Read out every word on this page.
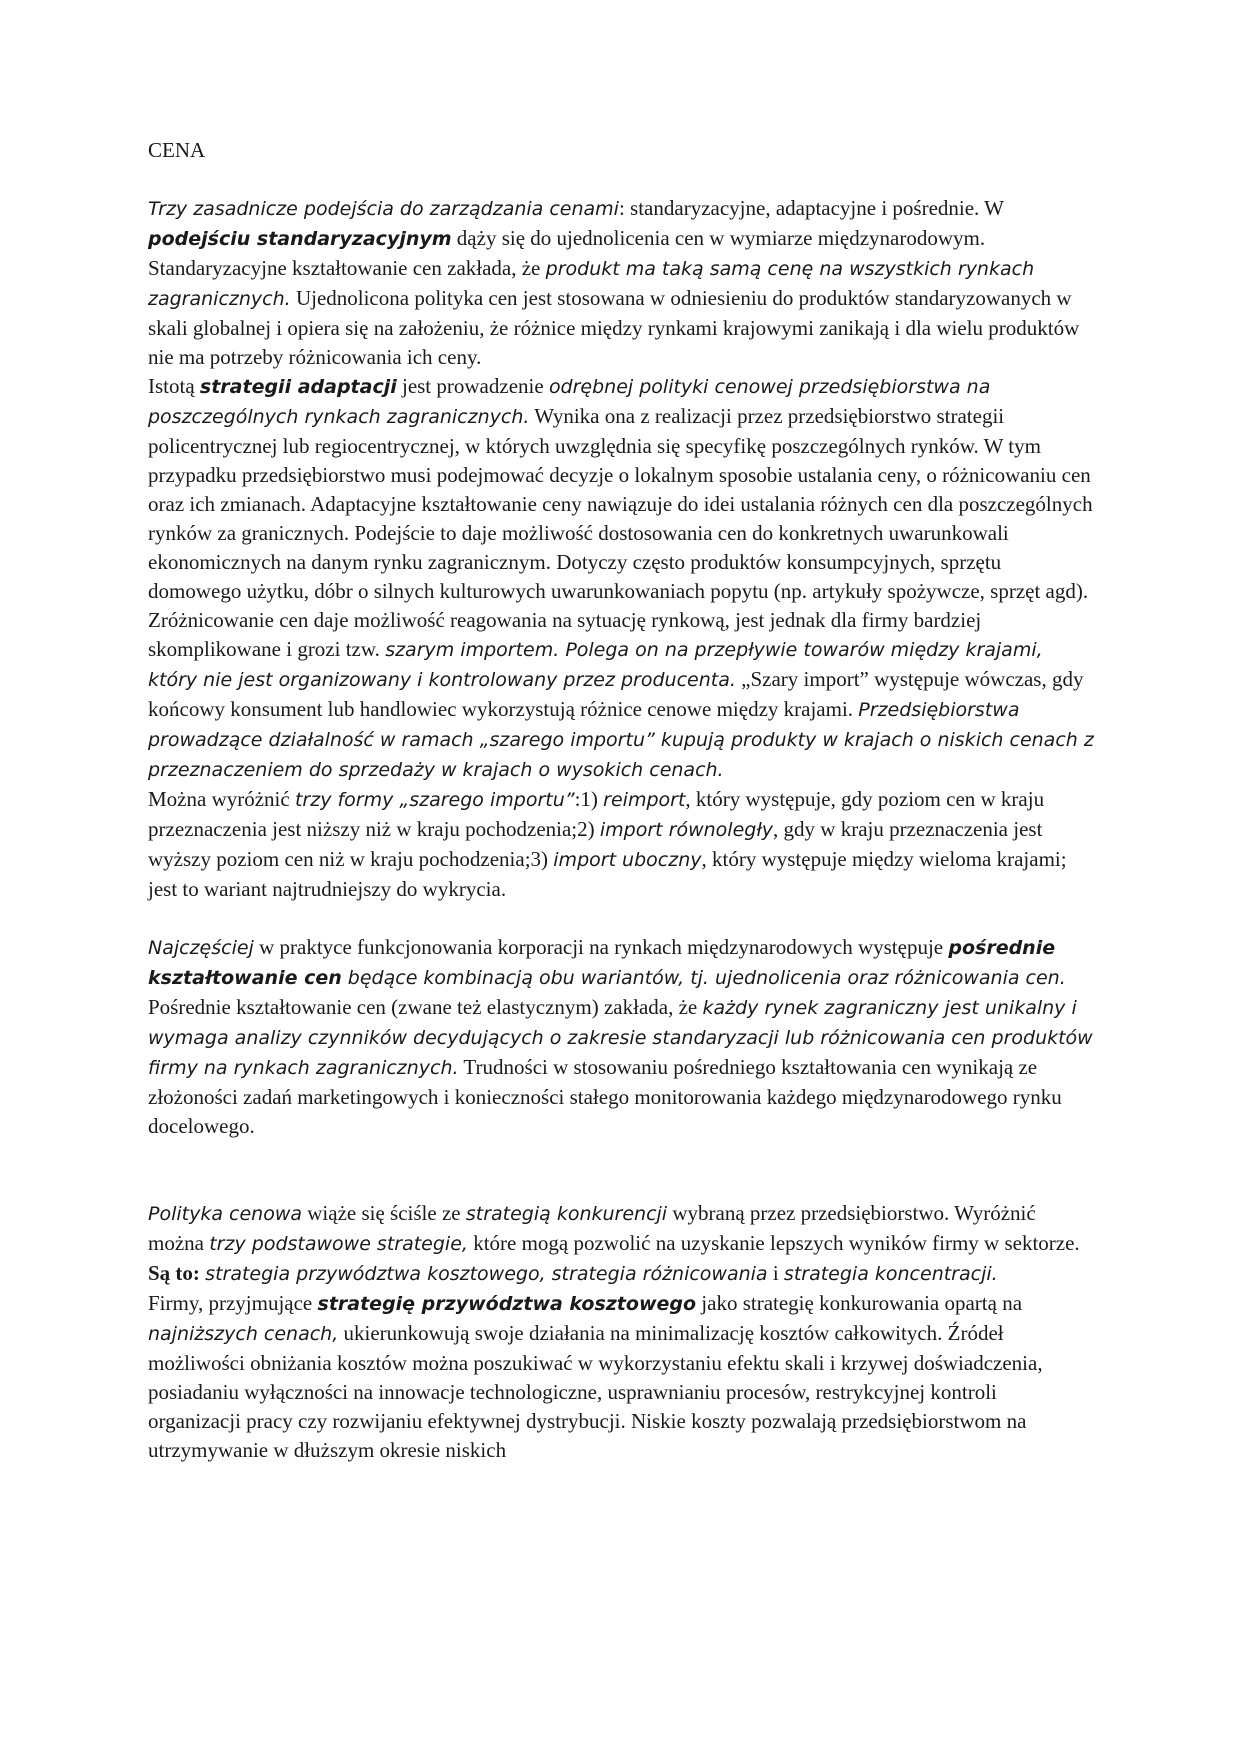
CENA

Trzy zasadnicze podejścia do zarządzania cenami: standaryzacyjne, adaptacyjne i pośrednie. W podejściu standaryzacyjnym dąży się do ujednolicenia cen w wymiarze międzynarodowym. Standaryzacyjne kształtowanie cen zakłada, że produkt ma taką samą cenę na wszystkich rynkach zagranicznych. Ujednolicona polityka cen jest stosowana w odniesieniu do produktów standaryzowanych w skali globalnej i opiera się na założeniu, że różnice między rynkami krajowymi zanikają i dla wielu produktów nie ma potrzeby różnicowania ich ceny.

Istotą strategii adaptacji jest prowadzenie odrębnej polityki cenowej przedsiębiorstwa na poszczególnych rynkach zagranicznych. Wynika ona z realizacji przez przedsiębiorstwo strategii policentrycznej lub regiocentrycznej, w których uwzględnia się specyfikę poszczególnych rynków. W tym przypadku przedsiębiorstwo musi podejmować decyzje o lokalnym sposobie ustalania ceny, o różnicowaniu cen oraz ich zmianach. Adaptacyjne kształtowanie ceny nawiązuje do idei ustalania różnych cen dla poszczególnych rynków za granicznych. Podejście to daje możliwość dostosowania cen do konkretnych uwarunkowali ekonomicznych na danym rynku zagranicznym. Dotyczy często produktów konsumpcyjnych, sprzętu domowego użytku, dóbr o silnych kulturowych uwarunkowaniach popytu (np. artykuły spożywcze, sprzęt agd).

Zróżnicowanie cen daje możliwość reagowania na sytuację rynkową, jest jednak dla firmy bardziej skomplikowane i grozi tzw. szarym importem. Polega on na przepływie towarów między krajami, który nie jest organizowany i kontrolowany przez producenta. „Szary import” występuje wówczas, gdy końcowy konsument lub handlowiec wykorzystują różnice cenowe między krajami. Przedsiębiorstwa prowadzące działalność w ramach „szarego importu” kupują produkty w krajach o niskich cenach z przeznaczeniem do sprzedaży w krajach o wysokich cenach.

Można wyróżnić trzy formy „szarego importu”:1) reimport, który występuje, gdy poziom cen w kraju przeznaczenia jest niższy niż w kraju pochodzenia;2) import równoległy, gdy w kraju przeznaczenia jest wyższy poziom cen niż w kraju pochodzenia;3) import uboczny, który występuje między wieloma krajami; jest to wariant najtrudniejszy do wykrycia.

Najczęściej w praktyce funkcjonowania korporacji na rynkach międzynarodowych występuje pośrednie kształtowanie cen będące kombinacją obu wariantów, tj. ujednolicenia oraz różnicowania cen. Pośrednie kształtowanie cen (zwane też elastycznym) zakłada, że każdy rynek zagraniczny jest unikalny i wymaga analizy czynników decydujących o zakresie standaryzacji lub różnicowania cen produktów firmy na rynkach zagranicznych. Trudności w stosowaniu pośredniego kształtowania cen wynikają ze złożoności zadań marketingowych i konieczności stałego monitorowania każdego międzynarodowego rynku docelowego.

Polityka cenowa wiąże się ściśle ze strategią konkurencji wybraną przez przedsiębiorstwo. Wyróżnić można trzy podstawowe strategie, które mogą pozwolić na uzyskanie lepszych wyników firmy w sektorze. Są to: strategia przywództwa kosztowego, strategia różnicowania i strategia koncentracji.

Firmy, przyjmujące strategię przywództwa kosztowego jako strategię konkurowania opartą na najniższych cenach, ukierunkowują swoje działania na minimalizację kosztów całkowitych. Źródeł możliwości obniżania kosztów można poszukiwać w wykorzystaniu efektu skali i krzywej doświadczenia, posiadaniu wyłączności na innowacje technologiczne, usprawnianiu procesów, restrykcyjnej kontroli organizacji pracy czy rozwijaniu efektywnej dystrybucji. Niskie koszty pozwalają przedsiębiorstwom na utrzymywanie w dłuższym okresie niskich
